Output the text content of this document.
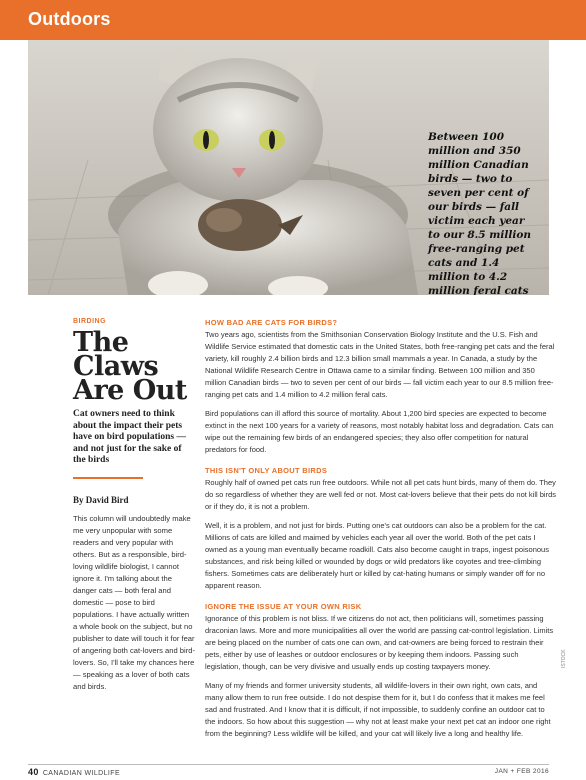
Outdoors
Between 100 million and 350 million Canadian birds — two to seven per cent of our birds — fall victim each year to our 8.5 million free-ranging pet cats and 1.4 million to 4.2 million feral cats
BIRDING
The Claws Are Out
Cat owners need to think about the impact their pets have on bird populations — and not just for the sake of the birds
By David Bird
This column will undoubtedly make me very unpopular with some readers and very popular with others. But as a responsible, bird-loving wildlife biologist, I cannot ignore it. I'm talking about the danger cats — both feral and domestic — pose to bird populations. I have actually written a whole book on the subject, but no publisher to date will touch it for fear of angering both cat-lovers and bird-lovers. So, I'll take my chances here — speaking as a lover of both cats and birds.
HOW BAD ARE CATS FOR BIRDS?

Two years ago, scientists from the Smithsonian Conservation Biology Institute and the U.S. Fish and Wildlife Service estimated that domestic cats in the United States, both free-ranging pet cats and the feral variety, kill roughly 2.4 billion birds and 12.3 billion small mammals a year. In Canada, a study by the National Wildlife Research Centre in Ottawa came to a similar finding. Between 100 million and 350 million Canadian birds — two to seven per cent of our birds — fall victim each year to our 8.5 million free-ranging pet cats and 1.4 million to 4.2 million feral cats.

Bird populations can ill afford this source of mortality. About 1,200 bird species are expected to become extinct in the next 100 years for a variety of reasons, most notably habitat loss and degradation. Cats can wipe out the remaining few birds of an endangered species; they also offer competition for natural predators for food.

THIS ISN'T ONLY ABOUT BIRDS

Roughly half of owned pet cats run free outdoors. While not all pet cats hunt birds, many of them do. They do so regardless of whether they are well fed or not. Most cat-lovers believe that their pets do not kill birds or if they do, it is not a problem.

Well, it is a problem, and not just for birds. Putting one's cat outdoors can also be a problem for the cat. Millions of cats are killed and maimed by vehicles each year all over the world. Both of the pet cats I owned as a young man eventually became roadkill. Cats also become caught in traps, ingest poisonous substances, and risk being killed or wounded by dogs or wild predators like coyotes and tree-climbing fishers. Sometimes cats are deliberately hurt or killed by cat-hating humans or simply wander off for no apparent reason.

IGNORE THE ISSUE AT YOUR OWN RISK

Ignorance of this problem is not bliss. If we citizens do not act, then politicians will, sometimes passing draconian laws. More and more municipalities all over the world are passing cat-control legislation. Limits are being placed on the number of cats one can own, and cat-owners are being forced to restrain their pets, either by use of leashes or outdoor enclosures or by keeping them indoors. Passing such legislation, though, can be very divisive and usually ends up costing taxpayers money.

Many of my friends and former university students, all wildlife-lovers in their own right, own cats, and many allow them to run free outside. I do not despise them for it, but I do confess that it makes me feel sad and frustrated. And I know that it is difficult, if not impossible, to suddenly confine an outdoor cat to the indoors. So how about this suggestion — why not at least make your next pet cat an indoor one right from the beginning? Less wildlife will be killed, and your cat will likely live a long and healthy life.

ISTOCK
40 CANADIAN WILDLIFE	JAN + FEB 2016
